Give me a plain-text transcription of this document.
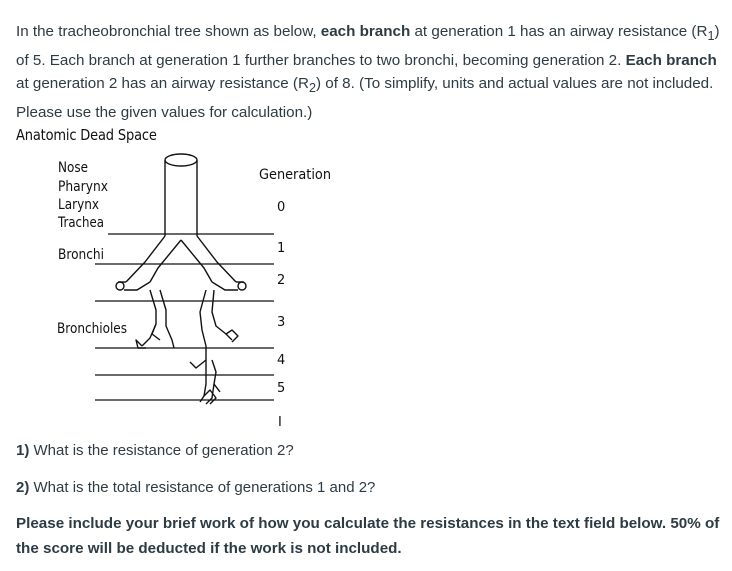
In the tracheobronchial tree shown as below, each branch at generation 1 has an airway resistance $(R_1)$ of 5. Each branch at generation 1 further branches to two bronchi, becoming generation 2. Each branch at generation 2 has an airway resistance $(R_2)$ of 8. (To simplify, units and actual values are not included. Please use the given values for calculation.)

Anatomic Dead Space
Nose
Pharynx
Larynx
Trachea
Bronchi
Bronchioles
Generation
0
1
2
3
4
5
I
1) What is the resistance of generation 2?
2) What is the total resistance of generations 1 and 2?

Please include your brief work of how you calculate the resistances in the text field below. 50% of the score will be deducted if the work is not included.
